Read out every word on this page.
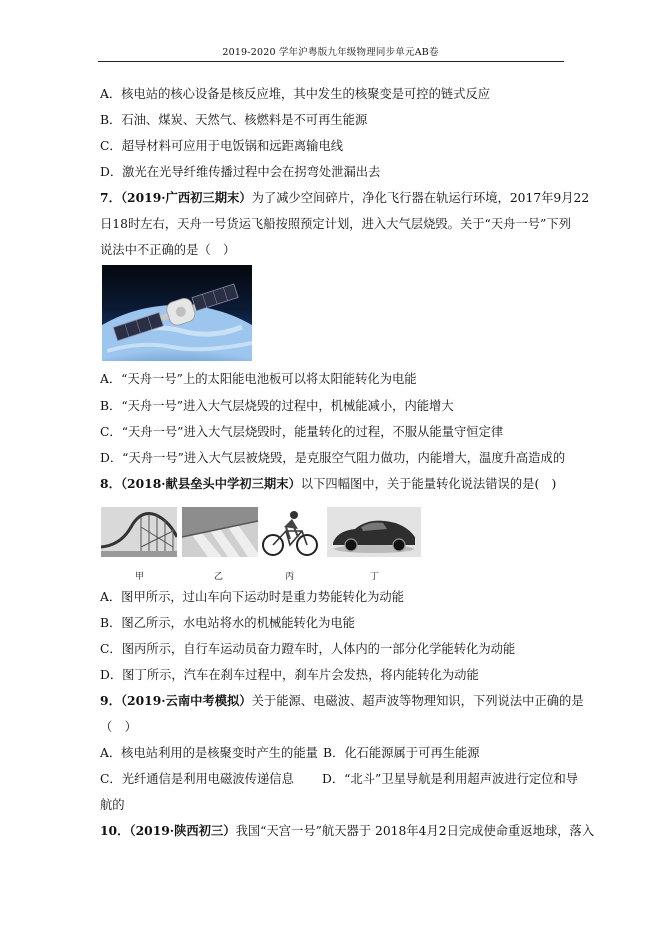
2019-2020 学年沪粤版九年级物理同步单元AB卷
A．核电站的核心设备是核反应堆，其中发生的核聚变是可控的链式反应
B．石油、煤炭、天然气、核燃料是不可再生能源
C．超导材料可应用于电饭锅和远距离输电线
D．激光在光导纤维传播过程中会在拐弯处泄漏出去
7．（2019·广西初三期末）为了减少空间碎片，净化飞行器在轨运行环境，2017年9月22
日18时左右，天舟一号货运飞船按照预定计划，进入大气层烧毁。关于“天舟一号”下列
说法中不正确的是（　）
A．“天舟一号”上的太阳能电池板可以将太阳能转化为电能
B．“天舟一号”进入大气层烧毁的过程中，机械能减小，内能增大
C．“天舟一号”进入大气层烧毁时，能量转化的过程，不服从能量守恒定律
D．“天舟一号”进入大气层被烧毁，是克服空气阻力做功，内能增大，温度升高造成的
8．（2018·献县垒头中学初三期末）以下四幅图中，关于能量转化说法错误的是(　)
甲	乙	丙	丁
A．图甲所示，过山车向下运动时是重力势能转化为动能
B．图乙所示，水电站将水的机械能转化为电能
C．图丙所示，自行车运动员奋力蹬车时，人体内的一部分化学能转化为动能
D．图丁所示，汽车在刹车过程中，刹车片会发热，将内能转化为动能
9．（2019·云南中考模拟）关于能源、电磁波、超声波等物理知识，下列说法中正确的是
（　）
A．核电站利用的是核聚变时产生的能量 B．化石能源属于可再生能源
C．光纤通信是利用电磁波传递信息 D．“北斗”卫星导航是利用超声波进行定位和导
航的
10．（2019·陕西初三）我国“天宫一号”航天器于 2018年4月2日完成使命重返地球，落入
